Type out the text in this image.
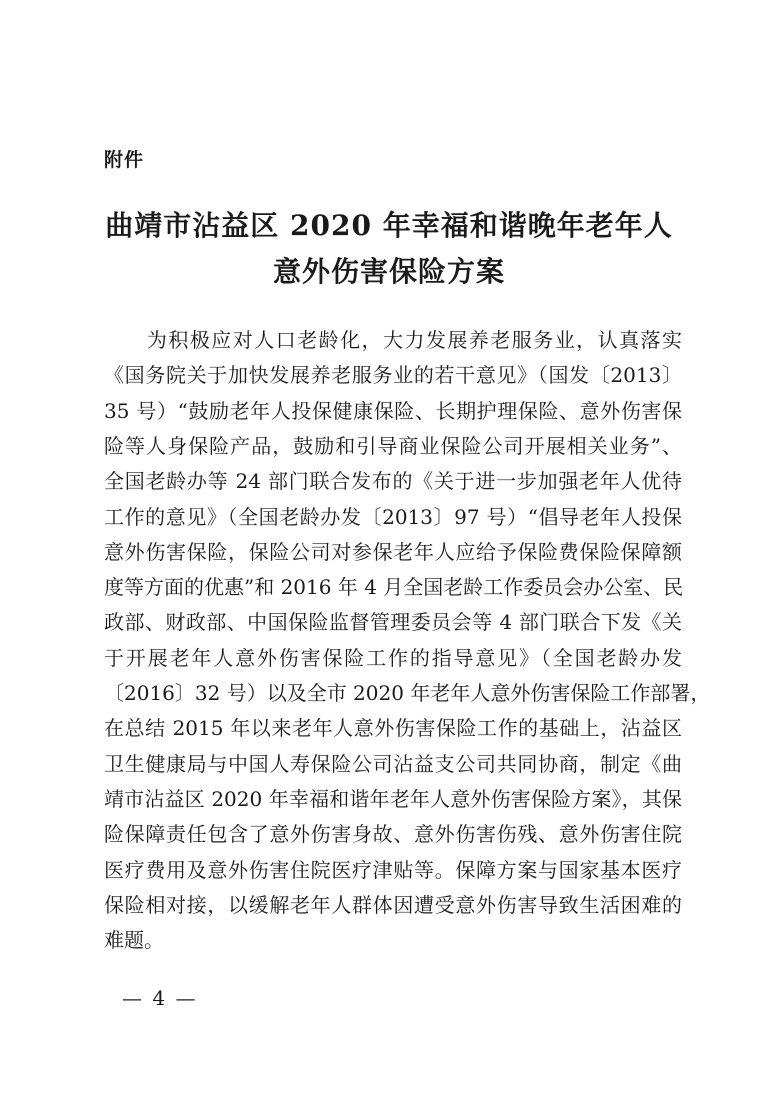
附件
曲靖市沾益区 2020 年幸福和谐晚年老年人
意外伤害保险方案
　　为积极应对人口老龄化，大力发展养老服务业，认真落实
《国务院关于加快发展养老服务业的若干意见》（国发〔2013〕
35 号）“鼓励老年人投保健康保险、长期护理保险、意外伤害保
险等人身保险产品，鼓励和引导商业保险公司开展相关业务”、
全国老龄办等 24 部门联合发布的《关于进一步加强老年人优待
工作的意见》（全国老龄办发〔2013〕97 号）“倡导老年人投保
意外伤害保险，保险公司对参保老年人应给予保险费保险保障额
度等方面的优惠”和 2016 年 4 月全国老龄工作委员会办公室、民
政部、财政部、中国保险监督管理委员会等 4 部门联合下发《关
于开展老年人意外伤害保险工作的指导意见》（全国老龄办发
〔2016〕32 号）以及全市 2020 年老年人意外伤害保险工作部署，
在总结 2015 年以来老年人意外伤害保险工作的基础上，沾益区
卫生健康局与中国人寿保险公司沾益支公司共同协商，制定《曲
靖市沾益区 2020 年幸福和谐年老年人意外伤害保险方案》，其保
险保障责任包含了意外伤害身故、意外伤害伤残、意外伤害住院
医疗费用及意外伤害住院医疗津贴等。保障方案与国家基本医疗
保险相对接，以缓解老年人群体因遭受意外伤害导致生活困难的
难题。
— 4 —
